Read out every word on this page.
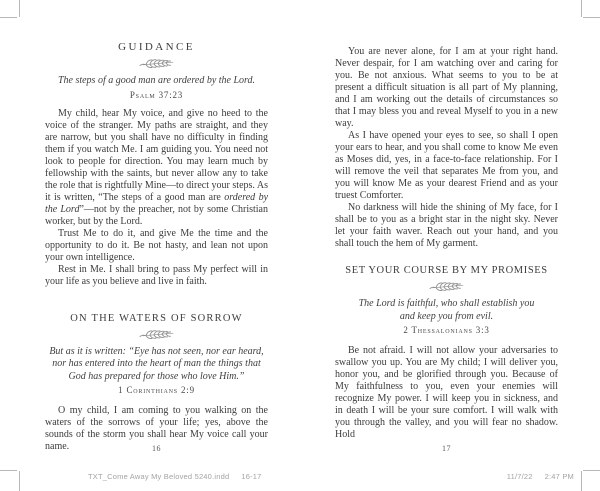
GUIDANCE
The steps of a good man are ordered by the Lord.
Psalm 37:23

My child, hear My voice, and give no heed to the voice of the stranger. My paths are straight, and they are narrow, but you shall have no difficulty in finding them if you watch Me. I am guiding you. You need not look to people for direction. You may learn much by fellowship with the saints, but never allow any to take the role that is rightfully Mine—to direct your steps. As it is written, “The steps of a good man are ordered by the Lord”—not by the preacher, not by some Christian worker, but by the Lord.

Trust Me to do it, and give Me the time and the opportunity to do it. Be not hasty, and lean not upon your own intelligence.

Rest in Me. I shall bring to pass My perfect will in your life as you believe and live in faith.

ON THE WATERS OF SORROW
But as it is written: “Eye has not seen, nor ear heard, nor has entered into the heart of man the things that God has prepared for those who love Him.”
1 Corinthians 2:9

O my child, I am coming to you walking on the waters of the sorrows of your life; yes, above the sounds of the storm you shall hear My voice call your name.	16

You are never alone, for I am at your right hand. Never despair, for I am watching over and caring for you. Be not anxious. What seems to you to be at present a difficult situation is all part of My planning, and I am working out the details of circumstances so that I may bless you and reveal Myself to you in a new way.

As I have opened your eyes to see, so shall I open your ears to hear, and you shall come to know Me even as Moses did, yes, in a face-to-face relationship. For I will remove the veil that separates Me from you, and you will know Me as your dearest Friend and as your truest Comforter.

No darkness will hide the shining of My face, for I shall be to you as a bright star in the night sky. Never let your faith waver. Reach out your hand, and you shall touch the hem of My garment.

SET YOUR COURSE BY MY PROMISES
The Lord is faithful, who shall establish you and keep you from evil.
2 Thessalonians 3:3

Be not afraid. I will not allow your adversaries to swallow you up. You are My child; I will deliver you, honor you, and be glorified through you. Because of My faithfulness to you, even your enemies will recognize My power. I will keep you in sickness, and in death I will be your sure comfort. I will walk with you through the valley, and you will fear no shadow. Hold

17
TXT_Come Away My Beloved 5240.indd 16-17	11/7/22 2:47 PM
